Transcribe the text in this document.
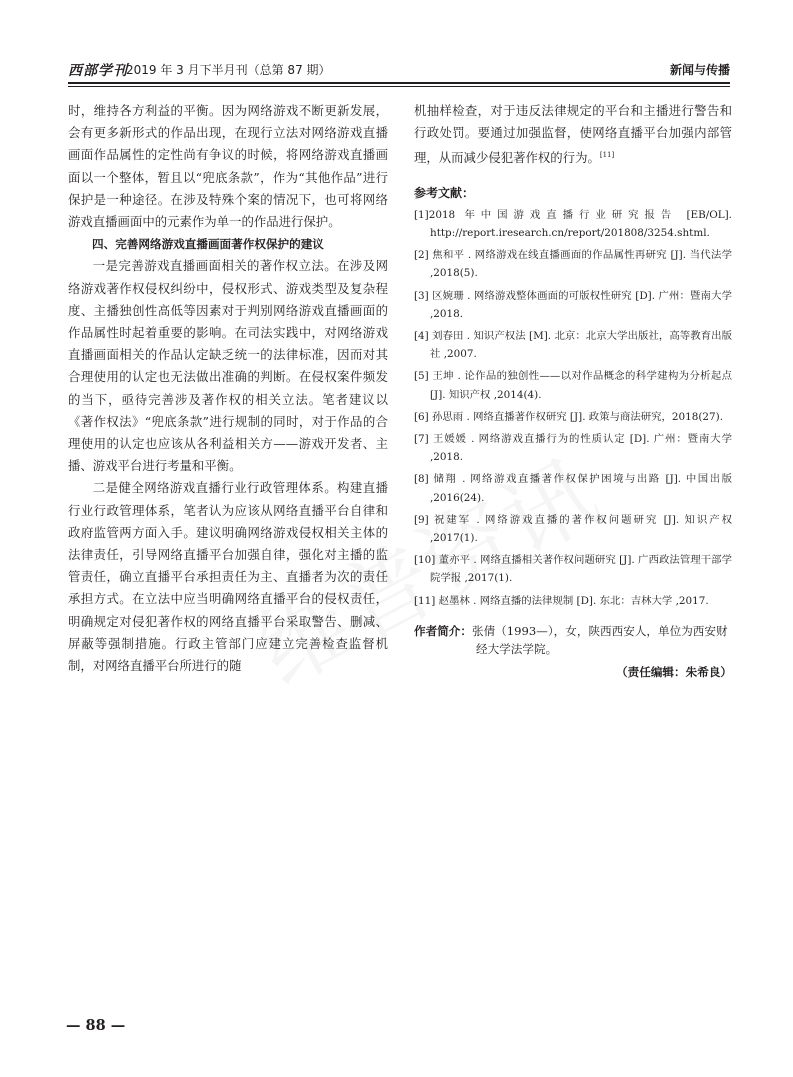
西部学刊
2019 年 3 月下半月刊（总第 87 期）	新闻与传播

时，维持各方利益的平衡。因为网络游戏不断更新发展，会有更多新形式的作品出现，在现行立法对网络游戏直播画面作品属性的定性尚有争议的时候，将网络游戏直播画面以一个整体，暂且以“兜底条款”，作为“其他作品”进行保护是一种途径。在涉及特殊个案的情况下，也可将网络游戏直播画面中的元素作为单一的作品进行保护。

四、完善网络游戏直播画面著作权保护的建议

一是完善游戏直播画面相关的著作权立法。在涉及网络游戏著作权侵权纠纷中，侵权形式、游戏类型及复杂程度、主播独创性高低等因素对于判别网络游戏直播画面的作品属性时起着重要的影响。在司法实践中，对网络游戏直播画面相关的作品认定缺乏统一的法律标准，因而对其合理使用的认定也无法做出准确的判断。在侵权案件频发的当下，亟待完善涉及著作权的相关立法。笔者建议以《著作权法》“兜底条款”进行规制的同时，对于作品的合理使用的认定也应该从各利益相关方——游戏开发者、主播、游戏平台进行考量和平衡。

二是健全网络游戏直播行业行政管理体系。构建直播行业行政管理体系，笔者认为应该从网络直播平台自律和政府监管两方面入手。建议明确网络游戏侵权相关主体的法律责任，引导网络直播平台加强自律，强化对主播的监管责任，确立直播平台承担责任为主、直播者为次的责任承担方式。在立法中应当明确网络直播平台的侵权责任，明确规定对侵犯著作权的网络直播平台采取警告、删减、屏蔽等强制措施。行政主管部门应建立完善检查监督机制，对网络直播平台所进行的随

机抽样检查，对于违反法律规定的平台和主播进行警告和行政处罚。要通过加强监督，使网络直播平台加强内部管理，从而减少侵犯著作权的行为。[11]

参考文献：
[1]2018 年中国游戏直播行业研究报告 [EB/OL]. http://report.iresearch.cn/report/201808/3254.shtml.
[2] 焦和平 . 网络游戏在线直播画面的作品属性再研究 [J]. 当代法学 ,2018(5).
[3] 区婉珊 . 网络游戏整体画面的可版权性研究 [D]. 广州：暨南大学 ,2018.
[4] 刘春田 . 知识产权法 [M]. 北京：北京大学出版社，高等教育出版社 ,2007.
[5] 王坤 . 论作品的独创性——以对作品概念的科学建构为分析起点 [J]. 知识产权 ,2014(4).
[6] 孙思雨 . 网络直播著作权研究 [J]. 政策与商法研究，2018(27).
[7] 王媛媛 . 网络游戏直播行为的性质认定 [D]. 广州：暨南大学 ,2018.
[8] 储翔 . 网络游戏直播著作权保护困境与出路 [J]. 中国出版 ,2016(24).
[9] 祝建军 . 网络游戏直播的著作权问题研究 [J]. 知识产权 ,2017(1).
[10] 董亦平 . 网络直播相关著作权问题研究 [J]. 广西政法管理干部学院学报 ,2017(1).
[11] 赵墨林 . 网络直播的法律规制 [D]. 东北：吉林大学 ,2017.

作者简介：张倩（1993—），女，陕西西安人，单位为西安财经大学法学院。

（责任编辑：朱希良）
— 88 —
